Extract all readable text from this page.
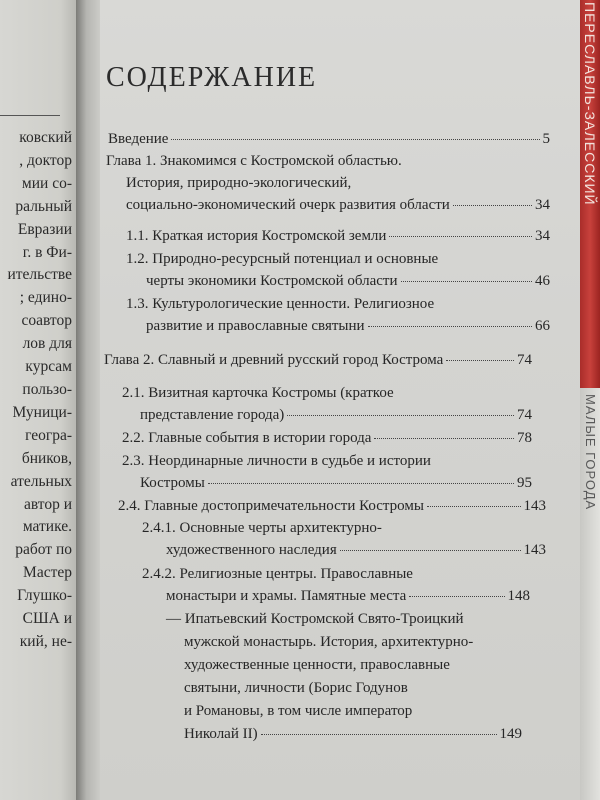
ковский
, доктор
мии со-
ральный
Евразии
г. в Фи-
ительстве
; едино-
соавтор
лов для
курсам
пользо-
Муници-
геогра-
бников,
ательных
автор и
матике.
работ по
Мастер
Глушко-
США и
кий, не-
СОДЕРЖАНИЕ
Введение	5
Глава 1. Знакомимся с Костромской областью.
История, природно-экологический,
социально-экономический очерк развития области	34
1.1. Краткая история Костромской земли	34
1.2. Природно-ресурсный потенциал и основные
черты экономики Костромской области	46
1.3. Культурологические ценности. Религиозное
развитие и православные святыни	66
Глава 2. Славный и древний русский город Кострома	74
2.1. Визитная карточка Костромы (краткое
представление города)	74
2.2. Главные события в истории города	78
2.3. Неординарные личности в судьбе и истории
Костромы	95
2.4. Главные достопримечательности Костромы	143
2.4.1. Основные черты архитектурно-
художественного наследия	143
2.4.2. Религиозные центры. Православные
монастыри и храмы. Памятные места	148
— Ипатьевский Костромской Свято-Троицкий
мужской монастырь. История, архитектурно-
художественные ценности, православные
святыни, личности (Борис Годунов
и Романовы, в том числе император
Николай II)	149
ПЕРЕСЛАВЛЬ-ЗАЛЕССКИЙ
МАЛЫЕ ГОРОДА
